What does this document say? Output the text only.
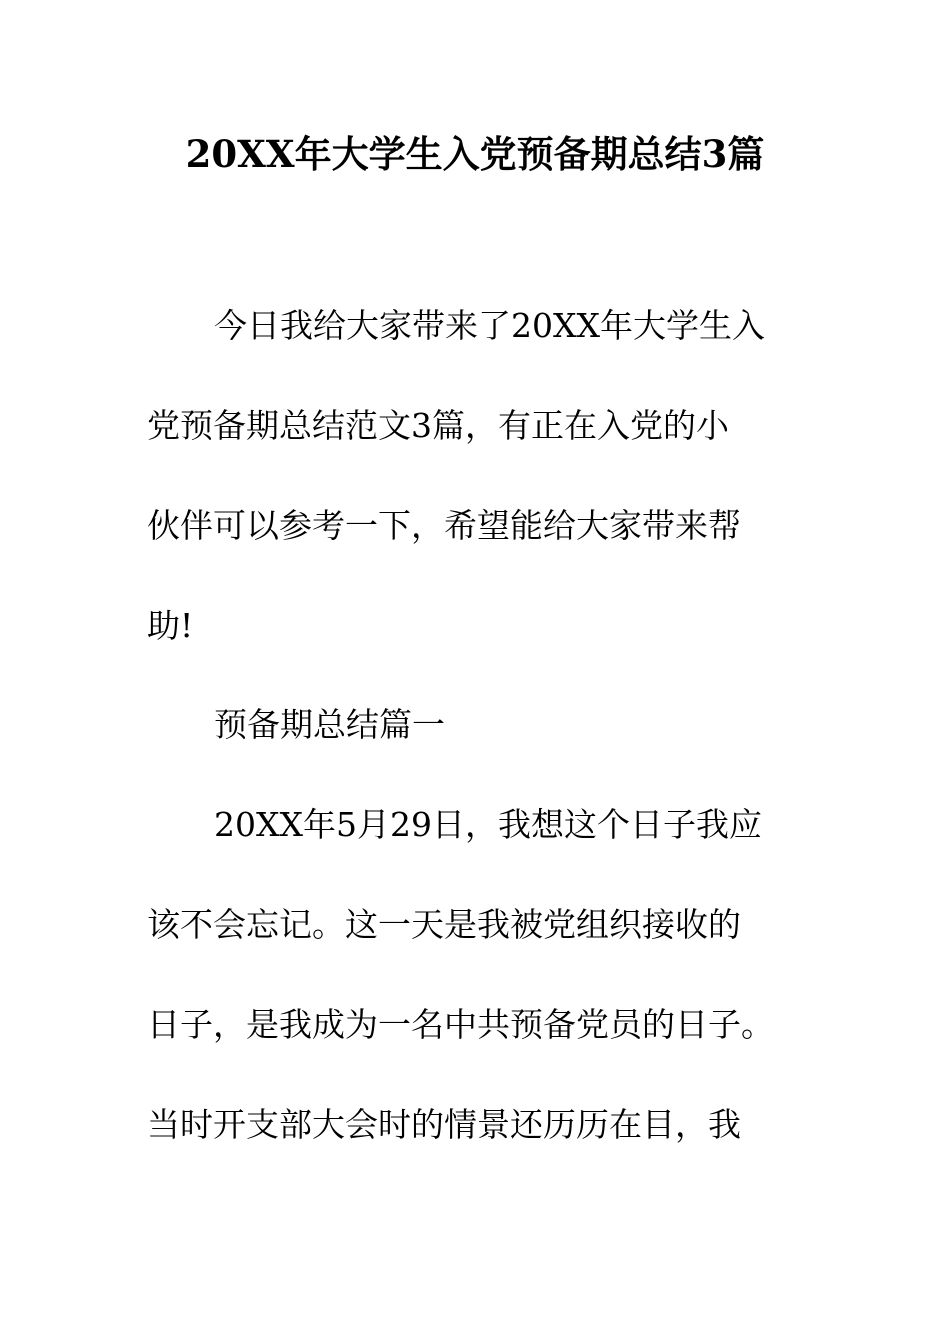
20XX年大学生入党预备期总结3篇
今日我给大家带来了20XX年大学生入
党预备期总结范文3篇，有正在入党的小
伙伴可以参考一下，希望能给大家带来帮
助!
预备期总结篇一
20XX年5月29日，我想这个日子我应
该不会忘记。这一天是我被党组织接收的
日子，是我成为一名中共预备党员的日子。
当时开支部大会时的情景还历历在目，我
